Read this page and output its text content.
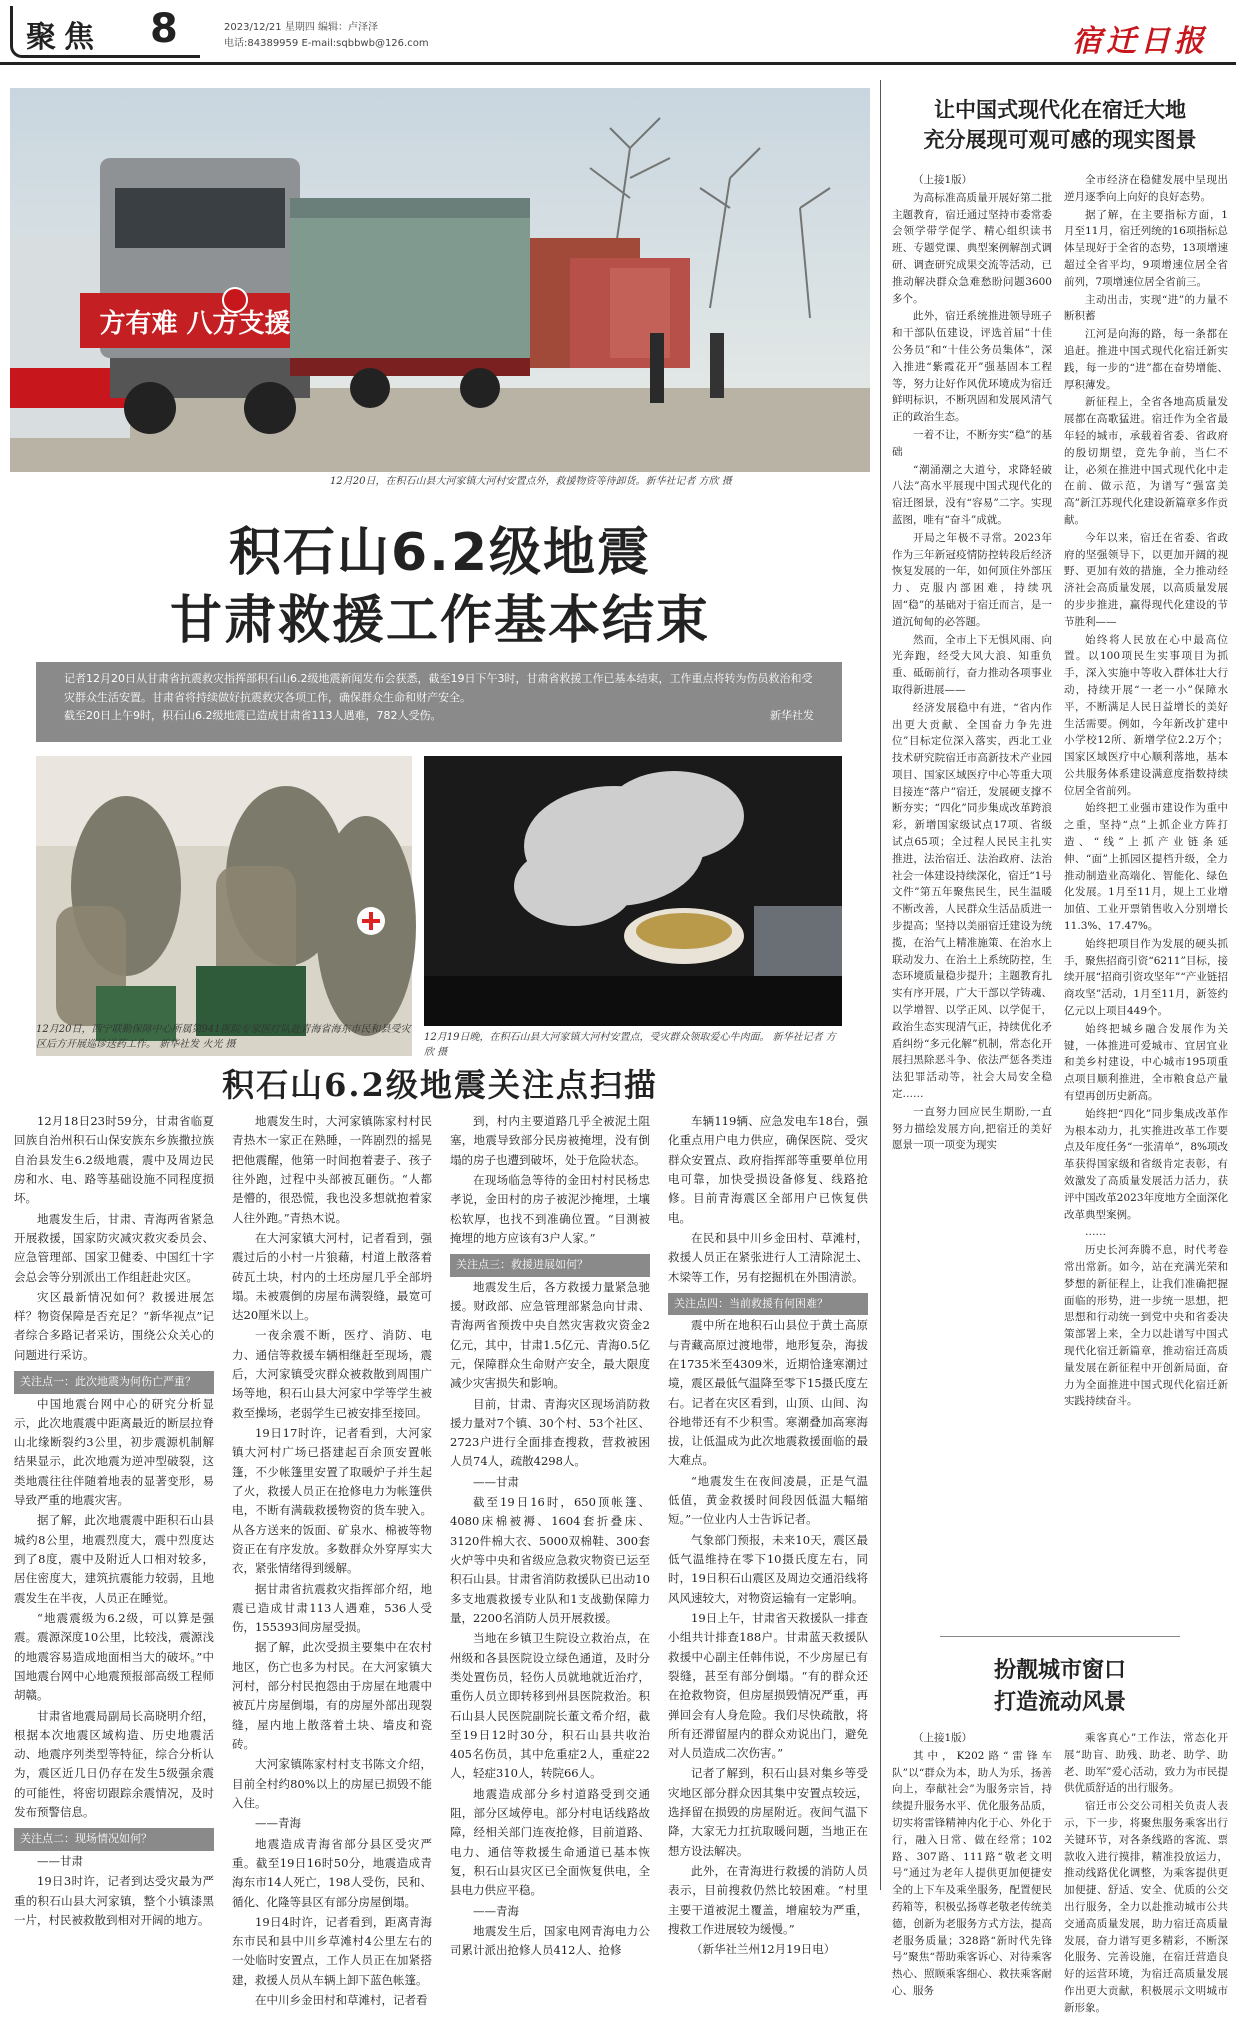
聚焦 8	2023/12/21 星期四 编辑：卢泽泽
电话:84389959 E-mail:sqbbwb@126.com	宿迁日报
方有难 八方支援
12月20日，在积石山县大河家镇大河村安置点外，救援物资等待卸货。新华社记者 方欣 摄
积石山6.2级地震
甘肃救援工作基本结束
记者12月20日从甘肃省抗震救灾指挥部积石山6.2级地震新闻发布会获悉，截至19日下午3时，甘肃省救援工作已基本结束，工作重点将转为伤员救治和受灾群众生活安置。甘肃省将持续做好抗震救灾各项工作，确保群众生命和财产安全。
截至20日上午9时，积石山6.2级地震已造成甘肃省113人遇难，782人受伤。	新华社发
12月20日，西宁联勤保障中心所属第941医院专家医疗队赴青海省海东市民和县受灾区后方开展巡诊送药工作。 新华社发 火光 摄
12月19日晚，在积石山县大河家镇大河村安置点，受灾群众领取爱心牛肉面。 新华社记者 方欣 摄
积石山6.2级地震关注点扫描

12月18日23时59分，甘肃省临夏回族自治州积石山保安族东乡族撒拉族自治县发生6.2级地震，震中及周边民房和水、电、路等基础设施不同程度损坏。

地震发生后，甘肃、青海两省紧急开展救援，国家防灾减灾救灾委员会、应急管理部、国家卫健委、中国红十字会总会等分别派出工作组赶赴灾区。

灾区最新情况如何？救援进展怎样？物资保障是否充足？“新华视点”记者综合多路记者采访，围绕公众关心的问题进行采访。

关注点一：此次地震为何伤亡严重？

中国地震台网中心的研究分析显示，此次地震震中距离最近的断层拉脊山北缘断裂约3公里，初步震源机制解结果显示，此次地震为逆冲型破裂，这类地震往往伴随着地表的显著变形，易导致严重的地震灾害。

据了解，此次地震震中距积石山县城约8公里，地震烈度大，震中烈度达到了8度，震中及附近人口相对较多，居住密度大，建筑抗震能力较弱，且地震发生在半夜，人员正在睡觉。

“地震震级为6.2级，可以算是强震。震源深度10公里，比较浅，震源浅的地震容易造成地面相当大的破坏。”中国地震台网中心地震预报部高级工程师胡赣。

甘肃省地震局副局长高晓明介绍，根据本次地震区域构造、历史地震活动、地震序列类型等特征，综合分析认为，震区近几日仍存在发生5级强余震的可能性，将密切跟踪余震情况，及时发布预警信息。

关注点二：现场情况如何？

——甘肃

19日3时许，记者到达受灾最为严重的积石山县大河家镇，整个小镇漆黑一片，村民被救散到相对开阔的地方。

地震发生时，大河家镇陈家村村民青热木一家正在熟睡，一阵剧烈的摇晃把他震醒，他第一时间抱着妻子、孩子往外跑，过程中头部被瓦砸伤。“人都是懵的，很恐慌，我也没多想就抱着家人往外跑。”青热木说。

在大河家镇大河村，记者看到，强震过后的小村一片狼藉，村道上散落着砖瓦土块，村内的土坯房屋几乎全部坍塌。未被震倒的房屋布满裂缝，最宽可达20厘米以上。

一夜余震不断，医疗、消防、电力、通信等救援车辆相继赶至现场，震后，大河家镇受灾群众被救散到周围广场等地，积石山县大河家中学等学生被救至操场，老弱学生已被安排至接回。

19日17时许，记者看到，大河家镇大河村广场已搭建起百余顶安置帐篷，不少帐篷里安置了取暖炉子并生起了火，救援人员正在抢修电力为帐篷供电，不断有满载救援物资的货车驶入。从各方送来的饭面、矿泉水、棉被等物资正在有序发放。多数群众外穿厚实大衣，紧张情绪得到缓解。

据甘肃省抗震救灾指挥部介绍，地震已造成甘肃113人遇难，536人受伤，155393间房屋受损。

据了解，此次受损主要集中在农村地区，伤亡也多为村民。在大河家镇大河村，部分村民抱怨由于房屋在地震中被瓦片房屋倒塌，有的房屋外部出现裂缝，屋内地上散落着土块、墙皮和瓷砖。

大河家镇陈家村村支书陈文介绍，目前全村约80%以上的房屋已损毁不能入住。

——青海

地震造成青海省部分县区受灾严重。截至19日16时50分，地震造成青海东市14人死亡，198人受伤，民和、循化、化隆等县区有部分房屋倒塌。

19日4时许，记者看到，距离青海东市民和县中川乡草滩村4公里左右的一处临时安置点，工作人员正在加紧搭建，救援人员从车辆上卸下蓝色帐篷。

在中川乡金田村和草滩村，记者看

到，村内主要道路几乎全被泥土阻塞，地震导致部分民房被掩埋，没有倒塌的房子也遭到破坏，处于危险状态。

在现场临急等待的金田村村民杨忠孝说，金田村的房子被泥沙掩埋，土壤松软厚，也找不到准确位置。“目测被掩埋的地方应该有3户人家。”

关注点三：救援进展如何？

地震发生后，各方救援力量紧急驰援。财政部、应急管理部紧急向甘肃、青海两省预拨中央自然灾害救灾资金2亿元，其中，甘肃1.5亿元、青海0.5亿元，保障群众生命财产安全，最大限度减少灾害损失和影响。

目前，甘肃、青海灾区现场消防救援力量对7个镇、30个村、53个社区、2723户进行全面排查搜救，营救被困人员74人，疏散4298人。

——甘肃

截至19日16时，650顶帐篷、4080床棉被褥、1604套折叠床、3120件棉大衣、5000双棉鞋、300套火炉等中央和省级应急救灾物资已运至积石山县。甘肃省消防救援队已出动10多支地震救援专业队和1支战勤保障力量，2200名消防人员开展救援。

当地在乡镇卫生院设立救治点，在州级和各县医院设立绿色通道，及时分类处置伤员，轻伤人员就地就近治疗，重伤人员立即转移到州县医院救治。积石山县人民医院副院长董文希介绍，截至19日12时30分，积石山县共收治405名伤员，其中危重症2人，重症22人，轻症310人，转院66人。

地震造成部分乡村道路受到交通阻，部分区域停电。部分村电话线路故障，经相关部门连夜抢修，目前道路、电力、通信等救援生命通道已基本恢复，积石山县灾区已全面恢复供电，全县电力供应平稳。

——青海

地震发生后，国家电网青海电力公司累计派出抢修人员412人、抢修

车辆119辆、应急发电车18台，强化重点用户电力供应，确保医院、受灾群众安置点、政府指挥部等重要单位用电可靠，加快受损设备修复、线路抢修。目前青海震区全部用户已恢复供电。

在民和县中川乡金田村、草滩村，救援人员正在紧张进行人工清除泥土、木梁等工作，另有挖掘机在外围清淤。

关注点四：当前救援有何困难？

震中所在地积石山县位于黄土高原与青藏高原过渡地带，地形复杂，海拔在1735米至4309米，近期恰逢寒潮过境，震区最低气温降至零下15摄氏度左右。记者在灾区看到，山顶、山间、沟谷地带还有不少积雪。寒潮叠加高寒海拔，让低温成为此次地震救援面临的最大难点。

“地震发生在夜间凌晨，正是气温低值，黄金救援时间段因低温大幅缩短。”一位业内人士告诉记者。

气象部门预报，未来10天，震区最低气温维持在零下10摄氏度左右，同时，19日积石山震区及周边交通沿线将风风速较大，对物资运输有一定影响。

19日上午，甘肃省天救援队一排查小组共计排查188户。甘肃蓝天救援队救援中心副主任韩伟说，不少房屋已有裂缝，甚至有部分倒塌。“有的群众还在抢救物资，但房屋损毁情况严重，再弹回会有人身危险。我们尽快疏散，将所有还滞留屋内的群众劝说出门，避免对人员造成二次伤害。”

记者了解到，积石山县对集乡等受灾地区部分群众因其集中安置点较远，选择留在损毁的房屋附近。夜间气温下降，大家无力扛抗取暖问题，当地正在想方设法解决。

此外，在青海进行救援的消防人员表示，目前搜救仍然比较困难。“村里主要干道被泥土覆盖，增雇较为严重，搜救工作进展较为缓慢。”

（新华社兰州12月19日电）

让中国式现代化在宿迁大地
充分展现可观可感的现实图景

（上接1版）

为高标准高质量开展好第二批主题教育，宿迁通过坚持市委常委会领学带学促学、精心组织读书班、专题党课、典型案例解剖式调研、调查研究成果交流等活动，已推动解决群众急难愁盼问题3600多个。

此外，宿迁系统推进领导班子和干部队伍建设，评选首届“十佳公务员”和“十佳公务员集体”，深入推进“紫霞花开”强基固本工程等，努力让好作风优环境成为宿迁鲜明标识，不断巩固和发展风清气正的政治生态。

一着不让，不断夯实“稳”的基础

“潮涌潮之大道兮，求降轻破八法”高水平展现中国式现代化的宿迁图景，没有“容易”二字。实现蓝图，唯有“奋斗”成就。

开局之年极不寻常。2023年作为三年新冠疫情防控转段后经济恢复发展的一年，如何顶住外部压力、克服内部困难，持续巩固“稳”的基础对于宿迁而言，是一道沉甸甸的必答题。

然而，全市上下无惧风雨、向光奔跑，经受大风大浪、知重负重、砥砺前行，奋力推动各项事业取得新进展——

经济发展稳中有进，“省内作出更大贡献、全国奋力争先进位”目标定位深入落实，西北工业技术研究院宿迁市高新技术产业园项目、国家区域医疗中心等重大项目接连“落户”宿迁，发展硬支撑不断夯实；“四化”同步集成改革跨浪彩，新增国家级试点17项、省级试点65项；全过程人民民主扎实推进，法治宿迁、法治政府、法治社会一体建设持续深化，宿迁“1号文件”第五年聚焦民生，民生温暖不断改善，人民群众生活品质进一步提高；坚持以美丽宿迁建设为统揽，在治气上精准施策、在治水上联动发力、在治土上系统防控，生态环境质量稳步提升；主题教育扎实有序开展，广大干部以学铸魂、以学增智、以学正风、以学促干，政治生态实现清气正，持续优化矛盾纠纷“多元化解”机制，常态化开展扫黑除恶斗争、依法严惩各类违法犯罪活动等，社会大局安全稳定……

一直努力回应民生期盼,一直努力描绘发展方向,把宿迁的美好愿景一项一项变为现实

全市经济在稳健发展中呈现出逆月逐季向上向好的良好态势。

据了解，在主要指标方面，1月至11月，宿迁列统的16项指标总体呈现好于全省的态势，13项增速超过全省平均，9项增速位居全省前列，7项增速位居全省前三。

主动出击，实现“进”的力量不断积蓄

江河是向海的路，每一条都在追赶。推进中国式现代化宿迁新实践，每一步的“进”都在奋势增能、厚积薄发。

新征程上，全省各地高质量发展都在高歌猛进。宿迁作为全省最年轻的城市，承载着省委、省政府的殷切期望，竞先争前，当仁不让，必须在推进中国式现代化中走在前、做示范，为谱写“强富美高”新江苏现代化建设新篇章多作贡献。

今年以来，宿迁在省委、省政府的坚强领导下，以更加开阔的视野、更加有效的措施，全力推动经济社会高质量发展，以高质量发展的步步推进，赢得现代化建设的节节胜利——

始终将人民放在心中最高位置。以100项民生实事项目为抓手，深入实施中等收入群体壮大行动，持续开展“一老一小”保障水平，不断满足人民日益增长的美好生活需要。例如，今年新改扩建中小学校12所、新增学位2.2万个；国家区域医疗中心顺利落地，基本公共服务体系建设满意度指数持续位居全省前列。

始终把工业强市建设作为重中之重，坚持“点”上抓企业方阵打造、“线”上抓产业链条延伸、“面”上抓园区提档升级，全力推动制造业高端化、智能化、绿色化发展。1月至11月，规上工业增加值、工业开票销售收入分别增长11.3%、17.47%。

始终把项目作为发展的硬头抓手，聚焦招商引资“6211”目标，接续开展“招商引资攻坚年”“产业链招商攻坚”活动，1月至11月，新签约亿元以上项目449个。

始终把城乡融合发展作为关键，一体推进可爱城市、宜居宜业和美乡村建设，中心城市195项重点项目顺利推进，全市粮食总产量有望再创历史新高。

始终把“四化”同步集成改革作为根本动力，扎实推进改革工作要点及年度任务“一张清单”，8%项改革获得国家级和省级肯定表彰，有效激发了高质量发展活力活力，获评中国改革2023年度地方全面深化改革典型案例。

……

历史长河奔腾不息，时代考卷常出常新。如今，站在充满光荣和梦想的新征程上，让我们准确把握面临的形势，进一步统一思想，把思想和行动统一到党中央和省委决策部署上来，全力以赴谱写中国式现代化宿迁新篇章，推动宿迁高质量发展在新征程中开创新局面，奋力为全面推进中国式现代化宿迁新实践持续奋斗。

扮靓城市窗口
打造流动风景

（上接1版）

其中，K202路“雷锋车队”以“群众为本，助人为乐，扬善向上，奉献社会”为服务宗旨，持续提升服务水平、优化服务品质，切实将雷锋精神内化于心、外化于行，融入日常、做在经常；102路、307路、111路“敬老文明号”通过为老年人提供更加便捷安全的上下车及乘坐服务，配置便民药箱等，积极弘扬尊老敬老传统美德，创新为老服务方式方法，提高老服务质量；328路“新时代先锋号”聚焦“帮助乘客诉心、对待乘客热心、照顾乘客细心、救扶乘客耐心、服务

乘客真心”工作法，常态化开展“助盲、助残、助老、助学、助老、助军”爱心活动，致力为市民提供优质舒适的出行服务。

宿迁市公交公司相关负责人表示，下一步，将聚焦服务乘客出行关键环节，对各条线路的客流、票款收入进行摸排，精准投放运力，推动线路优化调整，为乘客提供更加便捷、舒适、安全、优质的公交出行服务，全力以赴推动城市公共交通高质量发展，助力宿迁高质量发展，奋力谱写更多精彩，不断深化服务、完善设施，在宿迁营造良好的运营环境，为宿迁高质量发展作出更大贡献，积极展示文明城市新形象。
